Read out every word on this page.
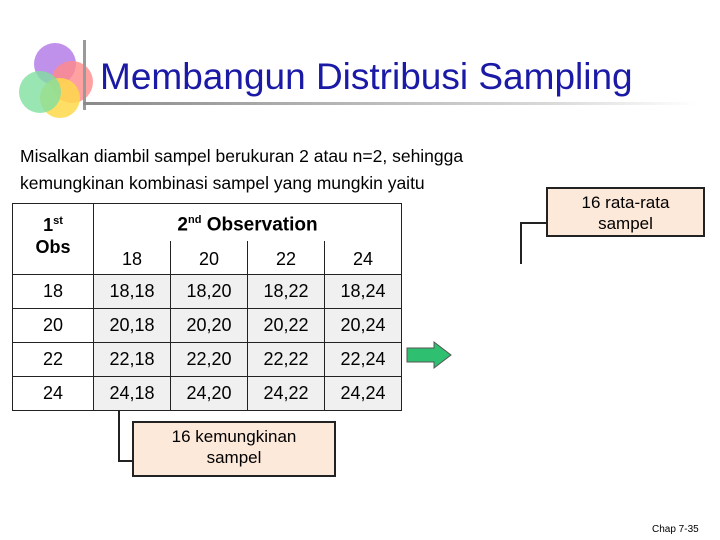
Membangun Distribusi Sampling

Misalkan diambil sampel berukuran 2 atau n=2, sehingga
kemungkinan kombinasi sampel yang mungkin yaitu

16 rata-rata
sampel
16 kemungkinan
sampel
1st
Obs	2nd Observation			
	18	20	22	24
18	18,18	18,20	18,22	18,24
20	20,18	20,20	20,22	20,24
22	22,18	22,20	22,22	22,24
24	24,18	24,20	24,22	24,24
Chap 7-35
